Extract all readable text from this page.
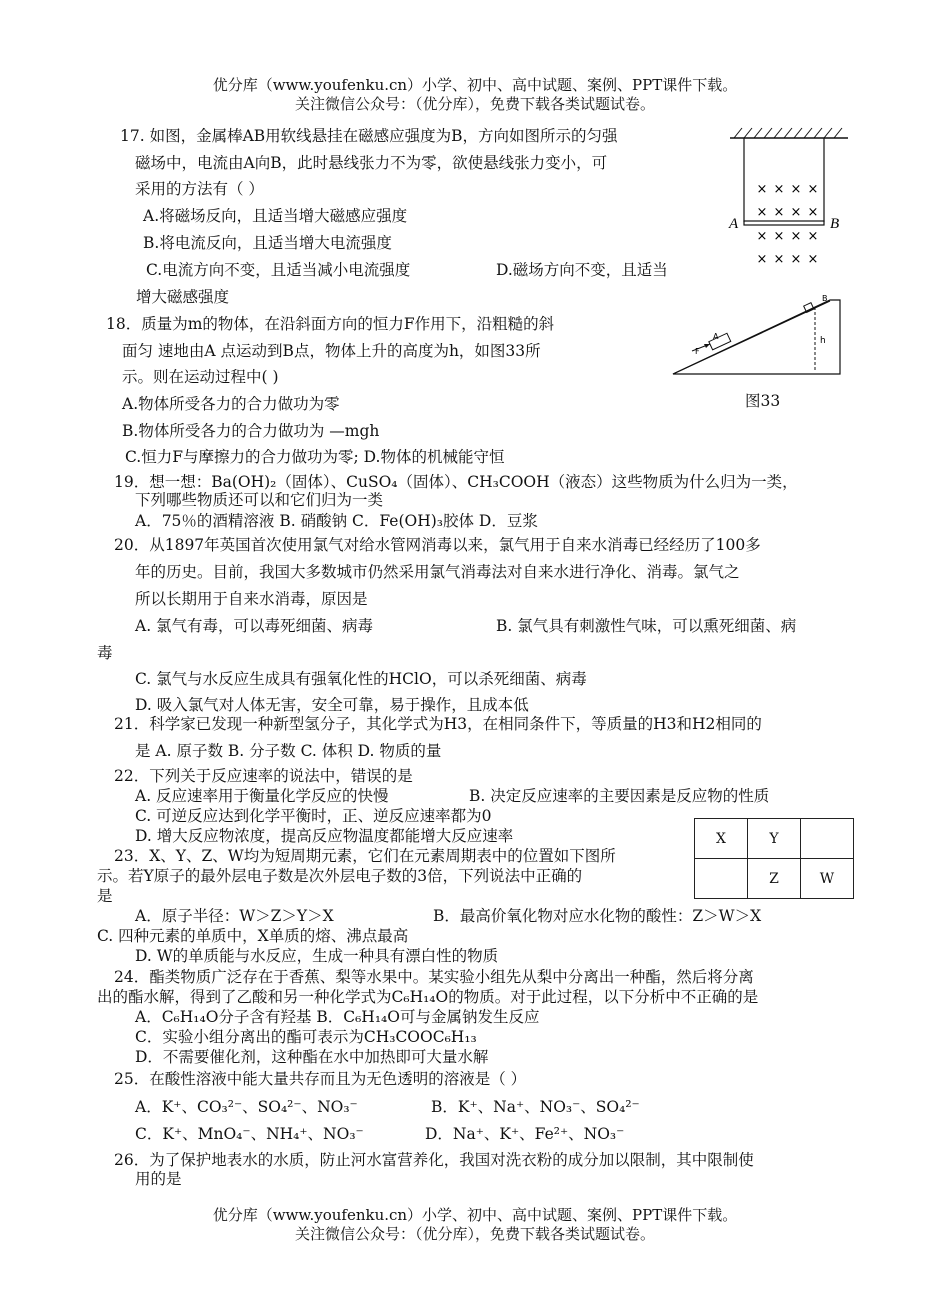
优分库（www.youfenku.cn）小学、初中、高中试题、案例、PPT课件下载。
关注微信公众号：（优分库），免费下载各类试题试卷。
17. 如图，金属棒AB用软线悬挂在磁感应强度为B，方向如图所示的匀强
磁场中，电流由A向B，此时悬线张力不为零，欲使悬线张力变小，可
采用的方法有（ ）
A.将磁场反向，且适当增大磁感应强度
B.将电流反向，且适当增大电流强度
C.电流方向不变，且适当减小电流强度	D.磁场方向不变，且适当
增大磁感强度
A	B
× × × ×
× × × ×
× × × ×
× × × ×
18．质量为m的物体，在沿斜面方向的恒力F作用下，沿粗糙的斜
面匀 速地由A 点运动到B点，物体上升的高度为h，如图33所
示。则在运动过程中( )
A.物体所受各力的合力做功为零
B.物体所受各力的合力做功为 —mgh
C.恒力F与摩擦力的合力做功为零; D.物体的机械能守恒
F
A
B
h
图33
19．想一想：Ba(OH)₂（固体）、CuSO₄（固体）、CH₃COOH（液态）这些物质为什么归为一类，
下列哪些物质还可以和它们归为一类
A．75％的酒精溶液 B. 硝酸钠 C．Fe(OH)₃胶体 D．豆浆
20．从1897年英国首次使用氯气对给水管网消毒以来，氯气用于自来水消毒已经经历了100多
年的历史。目前，我国大多数城市仍然采用氯气消毒法对自来水进行净化、消毒。氯气之
所以长期用于自来水消毒，原因是
A. 氯气有毒，可以毒死细菌、病毒	B. 氯气具有刺激性气味，可以熏死细菌、病
毒
C. 氯气与水反应生成具有强氧化性的HClO，可以杀死细菌、病毒
D. 吸入氯气对人体无害，安全可靠，易于操作，且成本低
21．科学家已发现一种新型氢分子，其化学式为H3，在相同条件下，等质量的H3和H2相同的
是 A. 原子数 B. 分子数 C. 体积 D. 物质的量
22．下列关于反应速率的说法中，错误的是
A. 反应速率用于衡量化学反应的快慢	B. 决定反应速率的主要因素是反应物的性质
C. 可逆反应达到化学平衡时，正、逆反应速率都为0
D. 增大反应物浓度，提高反应物温度都能增大反应速率
23．X、Y、Z、W均为短周期元素，它们在元素周期表中的位置如下图所
示。若Y原子的最外层电子数是次外层电子数的3倍，下列说法中正确的
是
A．原子半径：W＞Z＞Y＞X	B．最高价氧化物对应水化物的酸性：Z＞W＞X
C. 四种元素的单质中，X单质的熔、沸点最高
D. W的单质能与水反应，生成一种具有漂白性的物质
X	Y	
	Z	W
24．酯类物质广泛存在于香蕉、梨等水果中。某实验小组先从梨中分离出一种酯，然后将分离
出的酯水解，得到了乙酸和另一种化学式为C₆H₁₄O的物质。对于此过程，以下分析中不正确的是
A．C₆H₁₄O分子含有羟基 B．C₆H₁₄O可与金属钠发生反应
C．实验小组分离出的酯可表示为CH₃COOC₆H₁₃
D．不需要催化剂，这种酯在水中加热即可大量水解
25．在酸性溶液中能大量共存而且为无色透明的溶液是（ ）
A．K⁺、CO₃²⁻、SO₄²⁻、NO₃⁻	B．K⁺、Na⁺、NO₃⁻、SO₄²⁻
C．K⁺、MnO₄⁻、NH₄⁺、NO₃⁻	D．Na⁺、K⁺、Fe²⁺、NO₃⁻
26．为了保护地表水的水质，防止河水富营养化，我国对洗衣粉的成分加以限制，其中限制使
用的是
优分库（www.youfenku.cn）小学、初中、高中试题、案例、PPT课件下载。
关注微信公众号：（优分库），免费下载各类试题试卷。
